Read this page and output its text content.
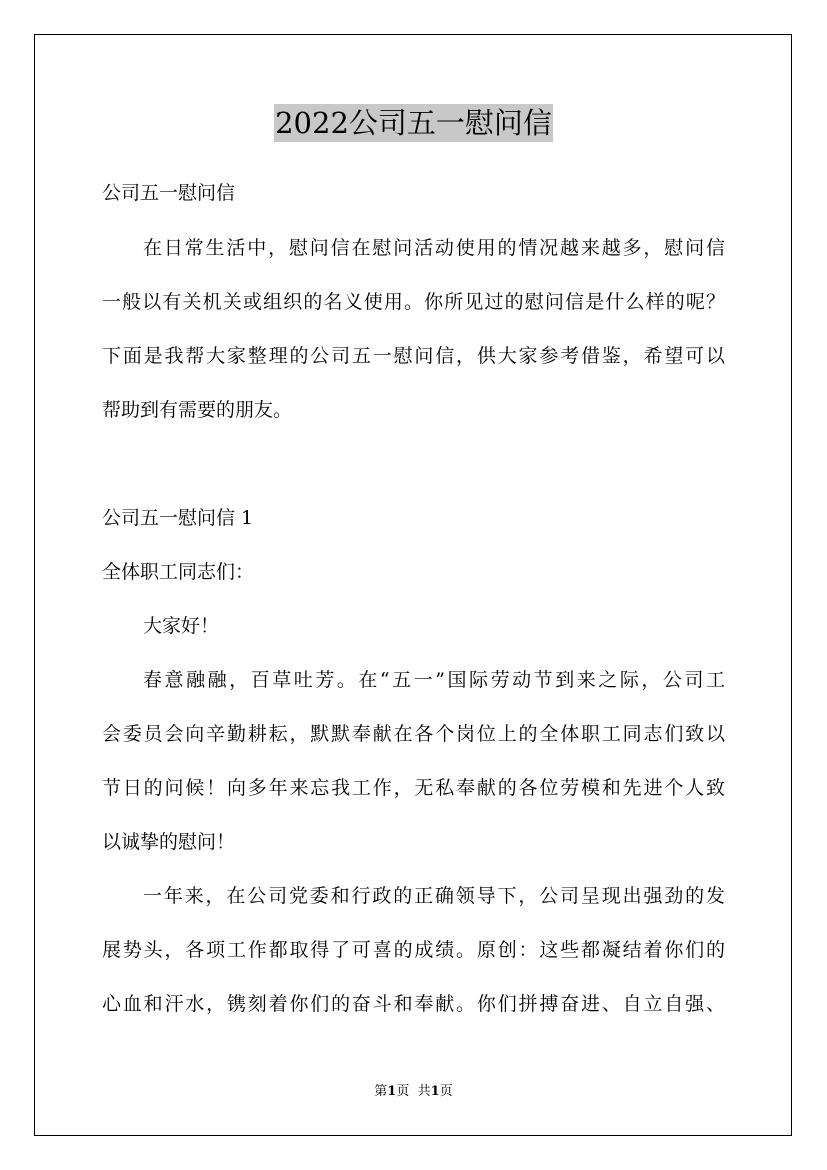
2022公司五一慰问信
公司五一慰问信
在日常生活中，慰问信在慰问活动使用的情况越来越多，慰问信
一般以有关机关或组织的名义使用。你所见过的慰问信是什么样的呢？
下面是我帮大家整理的公司五一慰问信，供大家参考借鉴，希望可以
帮助到有需要的朋友。
公司五一慰问信 1
全体职工同志们：
大家好！
春意融融，百草吐芳。在“五一”国际劳动节到来之际，公司工
会委员会向辛勤耕耘，默默奉献在各个岗位上的全体职工同志们致以
节日的问候！向多年来忘我工作，无私奉献的各位劳模和先进个人致
以诚挚的慰问！
一年来，在公司党委和行政的正确领导下，公司呈现出强劲的发
展势头，各项工作都取得了可喜的成绩。原创：这些都凝结着你们的
心血和汗水，镌刻着你们的奋斗和奉献。你们拼搏奋进、自立自强、
第1页 共1页
